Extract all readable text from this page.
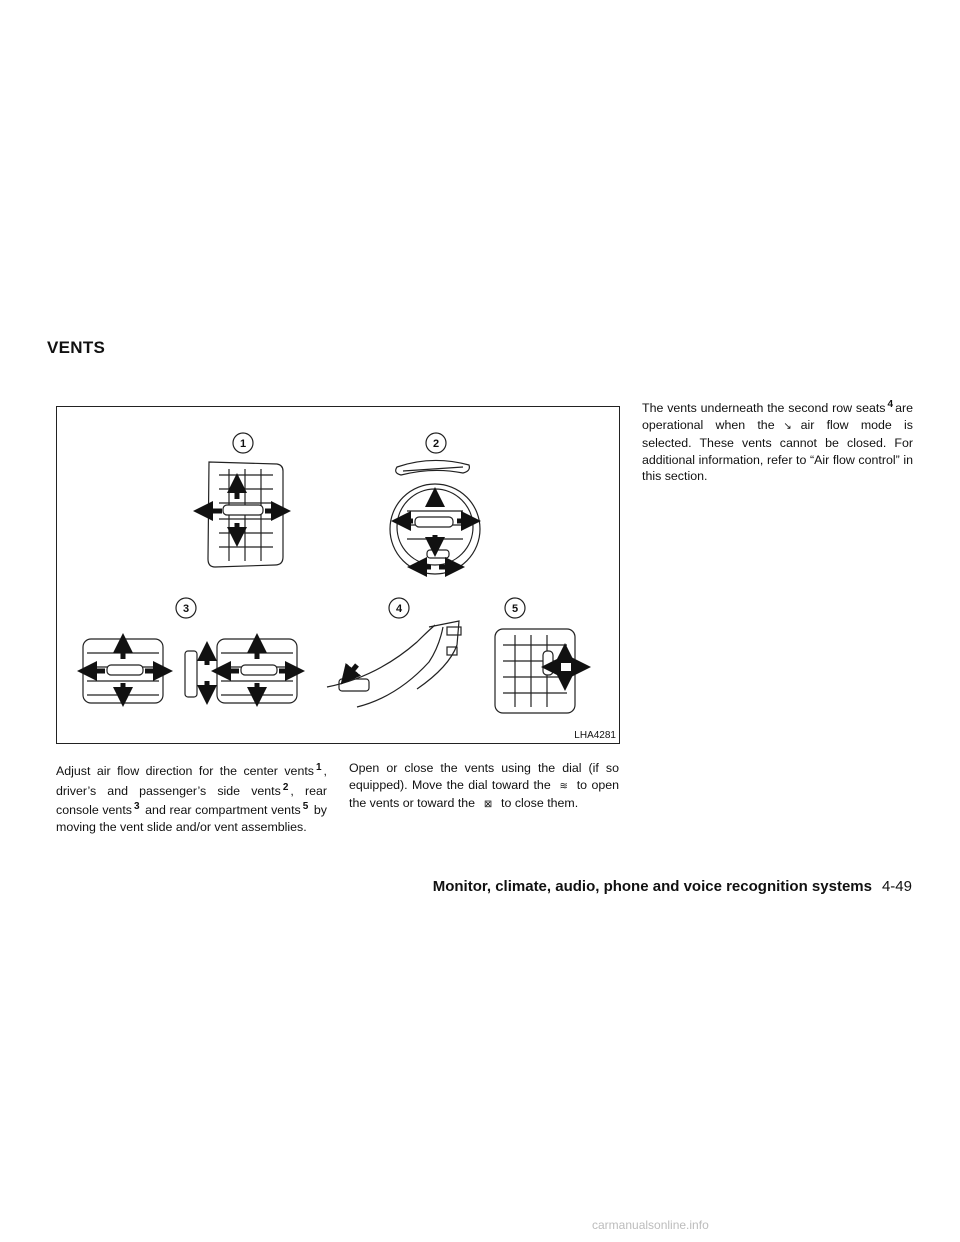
VENTS
1	2
3	4	5
LHA4281
Adjust air flow direction for the center vents 1 , driver’s and passenger’s side vents 2 , rear console vents 3 and rear compartment vents 5 by moving the vent slide and/or vent assemblies.
Open or close the vents using the dial (if so equipped). Move the dial toward the ≋ to open the vents or toward the ⊠ to close them.
The vents underneath the second row seats 4 are operational when the ↘ air flow mode is selected. These vents cannot be closed. For additional information, refer to “Air flow control” in this section.
Monitor, climate, audio, phone and voice recognition systems 4-49
carmanualsonline.info
